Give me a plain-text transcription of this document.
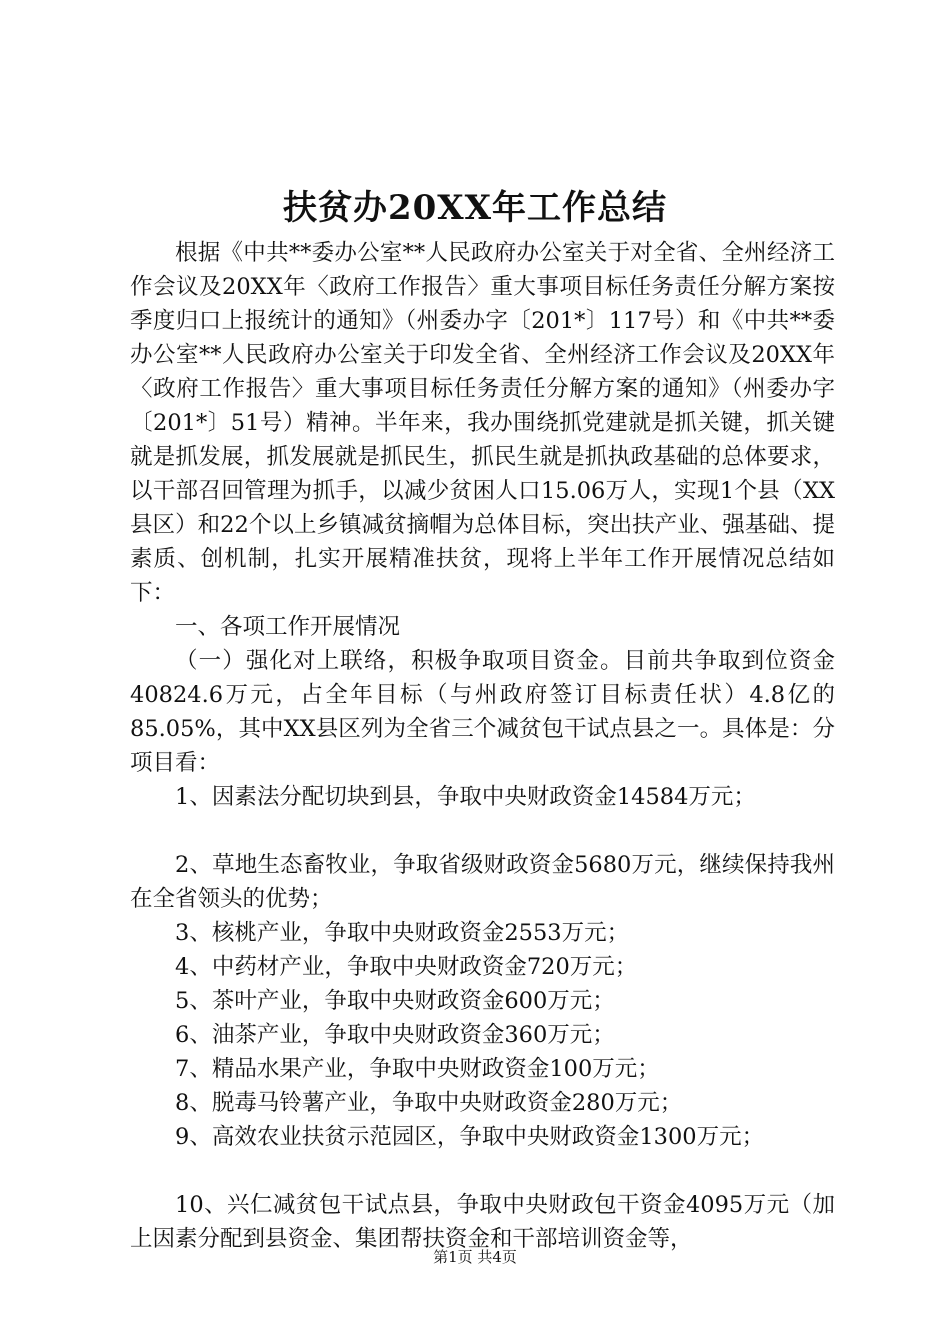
扶贫办20XX年工作总结

根据《中共**委办公室**人民政府办公室关于对全省、全州经济工作会议及20XX年〈政府工作报告〉重大事项目标任务责任分解方案按季度归口上报统计的通知》（州委办字〔201*〕117号）和《中共**委办公室**人民政府办公室关于印发全省、全州经济工作会议及20XX年〈政府工作报告〉重大事项目标任务责任分解方案的通知》（州委办字〔201*〕51号）精神。半年来，我办围绕抓党建就是抓关键，抓关键就是抓发展，抓发展就是抓民生，抓民生就是抓执政基础的总体要求，以干部召回管理为抓手，以减少贫困人口15.06万人，实现1个县（XX县区）和22个以上乡镇减贫摘帽为总体目标，突出扶产业、强基础、提素质、创机制，扎实开展精准扶贫，现将上半年工作开展情况总结如下：

一、各项工作开展情况

（一）强化对上联络，积极争取项目资金。目前共争取到位资金40824.6万元，占全年目标（与州政府签订目标责任状）4.8亿的85.05%，其中XX县区列为全省三个减贫包干试点县之一。具体是：分项目看：

1、因素法分配切块到县，争取中央财政资金14584万元；

2、草地生态畜牧业，争取省级财政资金5680万元，继续保持我州在全省领头的优势；

3、核桃产业，争取中央财政资金2553万元；

4、中药材产业，争取中央财政资金720万元；

5、茶叶产业，争取中央财政资金600万元；

6、油茶产业，争取中央财政资金360万元；

7、精品水果产业，争取中央财政资金100万元；

8、脱毒马铃薯产业，争取中央财政资金280万元；

9、高效农业扶贫示范园区，争取中央财政资金1300万元；

10、兴仁减贫包干试点县，争取中央财政包干资金4095万元（加上因素分配到县资金、集团帮扶资金和干部培训资金等，

第1页 共4页
